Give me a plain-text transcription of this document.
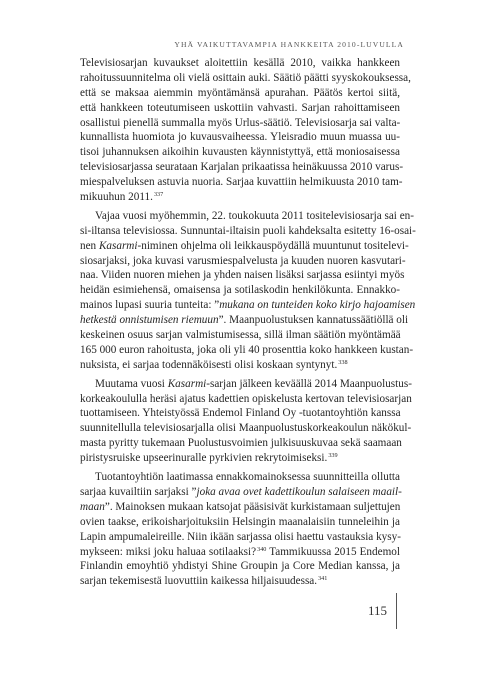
YHÄ VAIKUTTAVAMPIA HANKKEITA 2010-LUVULLA
Televisiosarjan kuvaukset aloitettiin kesällä 2010, vaikka hankkeen
rahoitussuunnitelma oli vielä osittain auki. Säätiö päätti syyskokouksessa,
että se maksaa aiemmin myöntämänsä apurahan. Päätös kertoi siitä,
että hankkeen toteutumiseen uskottiin vahvasti. Sarjan rahoittamiseen
osallistui pienellä summalla myös Urlus-säätiö. Televisiosarja sai valta-
kunnallista huomiota jo kuvausvaiheessa. Yleisradio muun muassa uu-
tisoi juhannuksen aikoihin kuvausten käynnistyttyä, että moniosaisessa
televisiosarjassa seurataan Karjalan prikaatissa heinäkuussa 2010 varus-
miespalveluksen astuvia nuoria. Sarjaa kuvattiin helmikuusta 2010 tam-
mikuuhun 2011.$^{337}$
Vajaa vuosi myöhemmin, 22. toukokuuta 2011 tositelevisiosarja sai en-
si-iltansa televisiossa. Sunnuntai-iltaisin puoli kahdeksalta esitetty 16-osai-
nen Kasarmi-niminen ohjelma oli leikkauspöydällä muuntunut tositelevi-
siosarjaksi, joka kuvasi varusmiespalvelusta ja kuuden nuoren kasvutari-
naa. Viiden nuoren miehen ja yhden naisen lisäksi sarjassa esiintyi myös
heidän esimiehensä, omaisensa ja sotilaskodin henkilökunta. Ennakko-
mainos lupasi suuria tunteita: ”mukana on tunteiden koko kirjo hajoamisen
hetkestä onnistumisen riemuun”. Maanpuolustuksen kannatussäätiöllä oli
keskeinen osuus sarjan valmistumisessa, sillä ilman säätiön myöntämää
165 000 euron rahoitusta, joka oli yli 40 prosenttia koko hankkeen kustan-
nuksista, ei sarjaa todennäköisesti olisi koskaan syntynyt.$^{338}$
Muutama vuosi Kasarmi-sarjan jälkeen keväällä 2014 Maanpuolustus-
korkeakoululla heräsi ajatus kadettien opiskelusta kertovan televisiosarjan
tuottamiseen. Yhteistyössä Endemol Finland Oy -tuotantoyhtiön kanssa
suunnitellulla televisiosarjalla olisi Maanpuolustuskorkeakoulun näkökul-
masta pyritty tukemaan Puolustusvoimien julkisuuskuvaa sekä saamaan
piristysruiske upseerinuralle pyrkivien rekrytoimiseksi.$^{339}$
Tuotantoyhtiön laatimassa ennakkomainoksessa suunnitteilla ollutta
sarjaa kuvailtiin sarjaksi ”joka avaa ovet kadettikoulun salaiseen maail-
maan”. Mainoksen mukaan katsojat pääsisivät kurkistamaan suljettujen
ovien taakse, erikoisharjoituksiin Helsingin maanalaisiin tunneleihin ja
Lapin ampumaleireille. Niin ikään sarjassa olisi haettu vastauksia kysy-
mykseen: miksi joku haluaa sotilaaksi?$^{340}$ Tammikuussa 2015 Endemol
Finlandin emoyhtiö yhdistyi Shine Groupin ja Core Median kanssa, ja
sarjan tekemisestä luovuttiin kaikessa hiljaisuudessa.$^{341}$
115
